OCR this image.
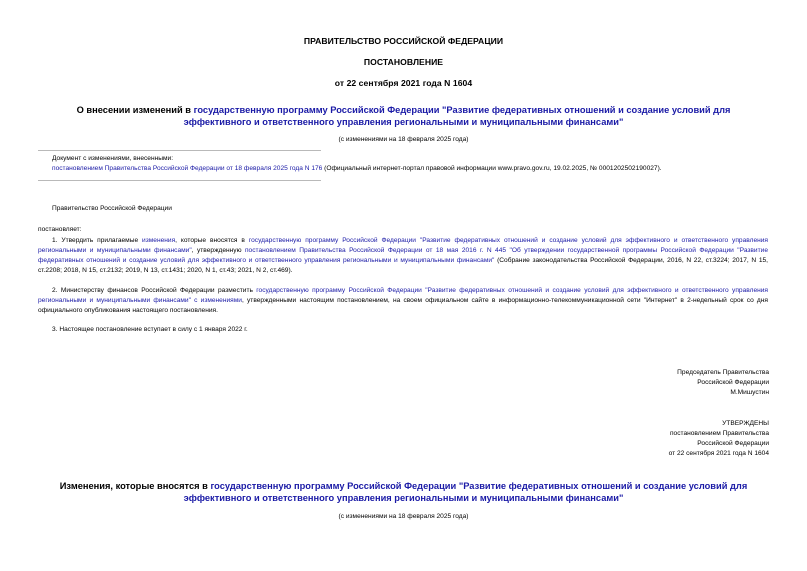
ПРАВИТЕЛЬСТВО РОССИЙСКОЙ ФЕДЕРАЦИИ
ПОСТАНОВЛЕНИЕ
от 22 сентября 2021 года N 1604
О внесении изменений в государственную программу Российской Федерации "Развитие федеративных отношений и создание условий для эффективного и ответственного управления региональными и муниципальными финансами"
(с изменениями на 18 февраля 2025 года)
Документ с изменениями, внесенными:
постановлением Правительства Российской Федерации от 18 февраля 2025 года N 176 (Официальный интернет-портал правовой информации www.pravo.gov.ru, 19.02.2025, № 0001202502190027).
Правительство Российской Федерации
постановляет:
1. Утвердить прилагаемые изменения, которые вносятся в государственную программу Российской Федерации "Развитие федеративных отношений и создание условий для эффективного и ответственного управления региональными и муниципальными финансами", утвержденную постановлением Правительства Российской Федерации от 18 мая 2016 г. N 445 "Об утверждении государственной программы Российской Федерации "Развитие федеративных отношений и создание условий для эффективного и ответственного управления региональными и муниципальными финансами" (Собрание законодательства Российской Федерации, 2016, N 22, ст.3224; 2017, N 15, ст.2208; 2018, N 15, ст.2132; 2019, N 13, ст.1431; 2020, N 1, ст.43; 2021, N 2, ст.469).
2. Министерству финансов Российской Федерации разместить государственную программу Российской Федерации "Развитие федеративных отношений и создание условий для эффективного и ответственного управления региональными и муниципальными финансами" с изменениями, утвержденными настоящим постановлением, на своем официальном сайте в информационно-телекоммуникационной сети "Интернет" в 2-недельный срок со дня официального опубликования настоящего постановления.
3. Настоящее постановление вступает в силу с 1 января 2022 г.
Председатель Правительства
Российской Федерации
М.Мишустин
УТВЕРЖДЕНЫ
постановлением Правительства
Российской Федерации
от 22 сентября 2021 года N 1604
Изменения, которые вносятся в государственную программу Российской Федерации "Развитие федеративных отношений и создание условий для эффективного и ответственного управления региональными и муниципальными финансами"
(с изменениями на 18 февраля 2025 года)
